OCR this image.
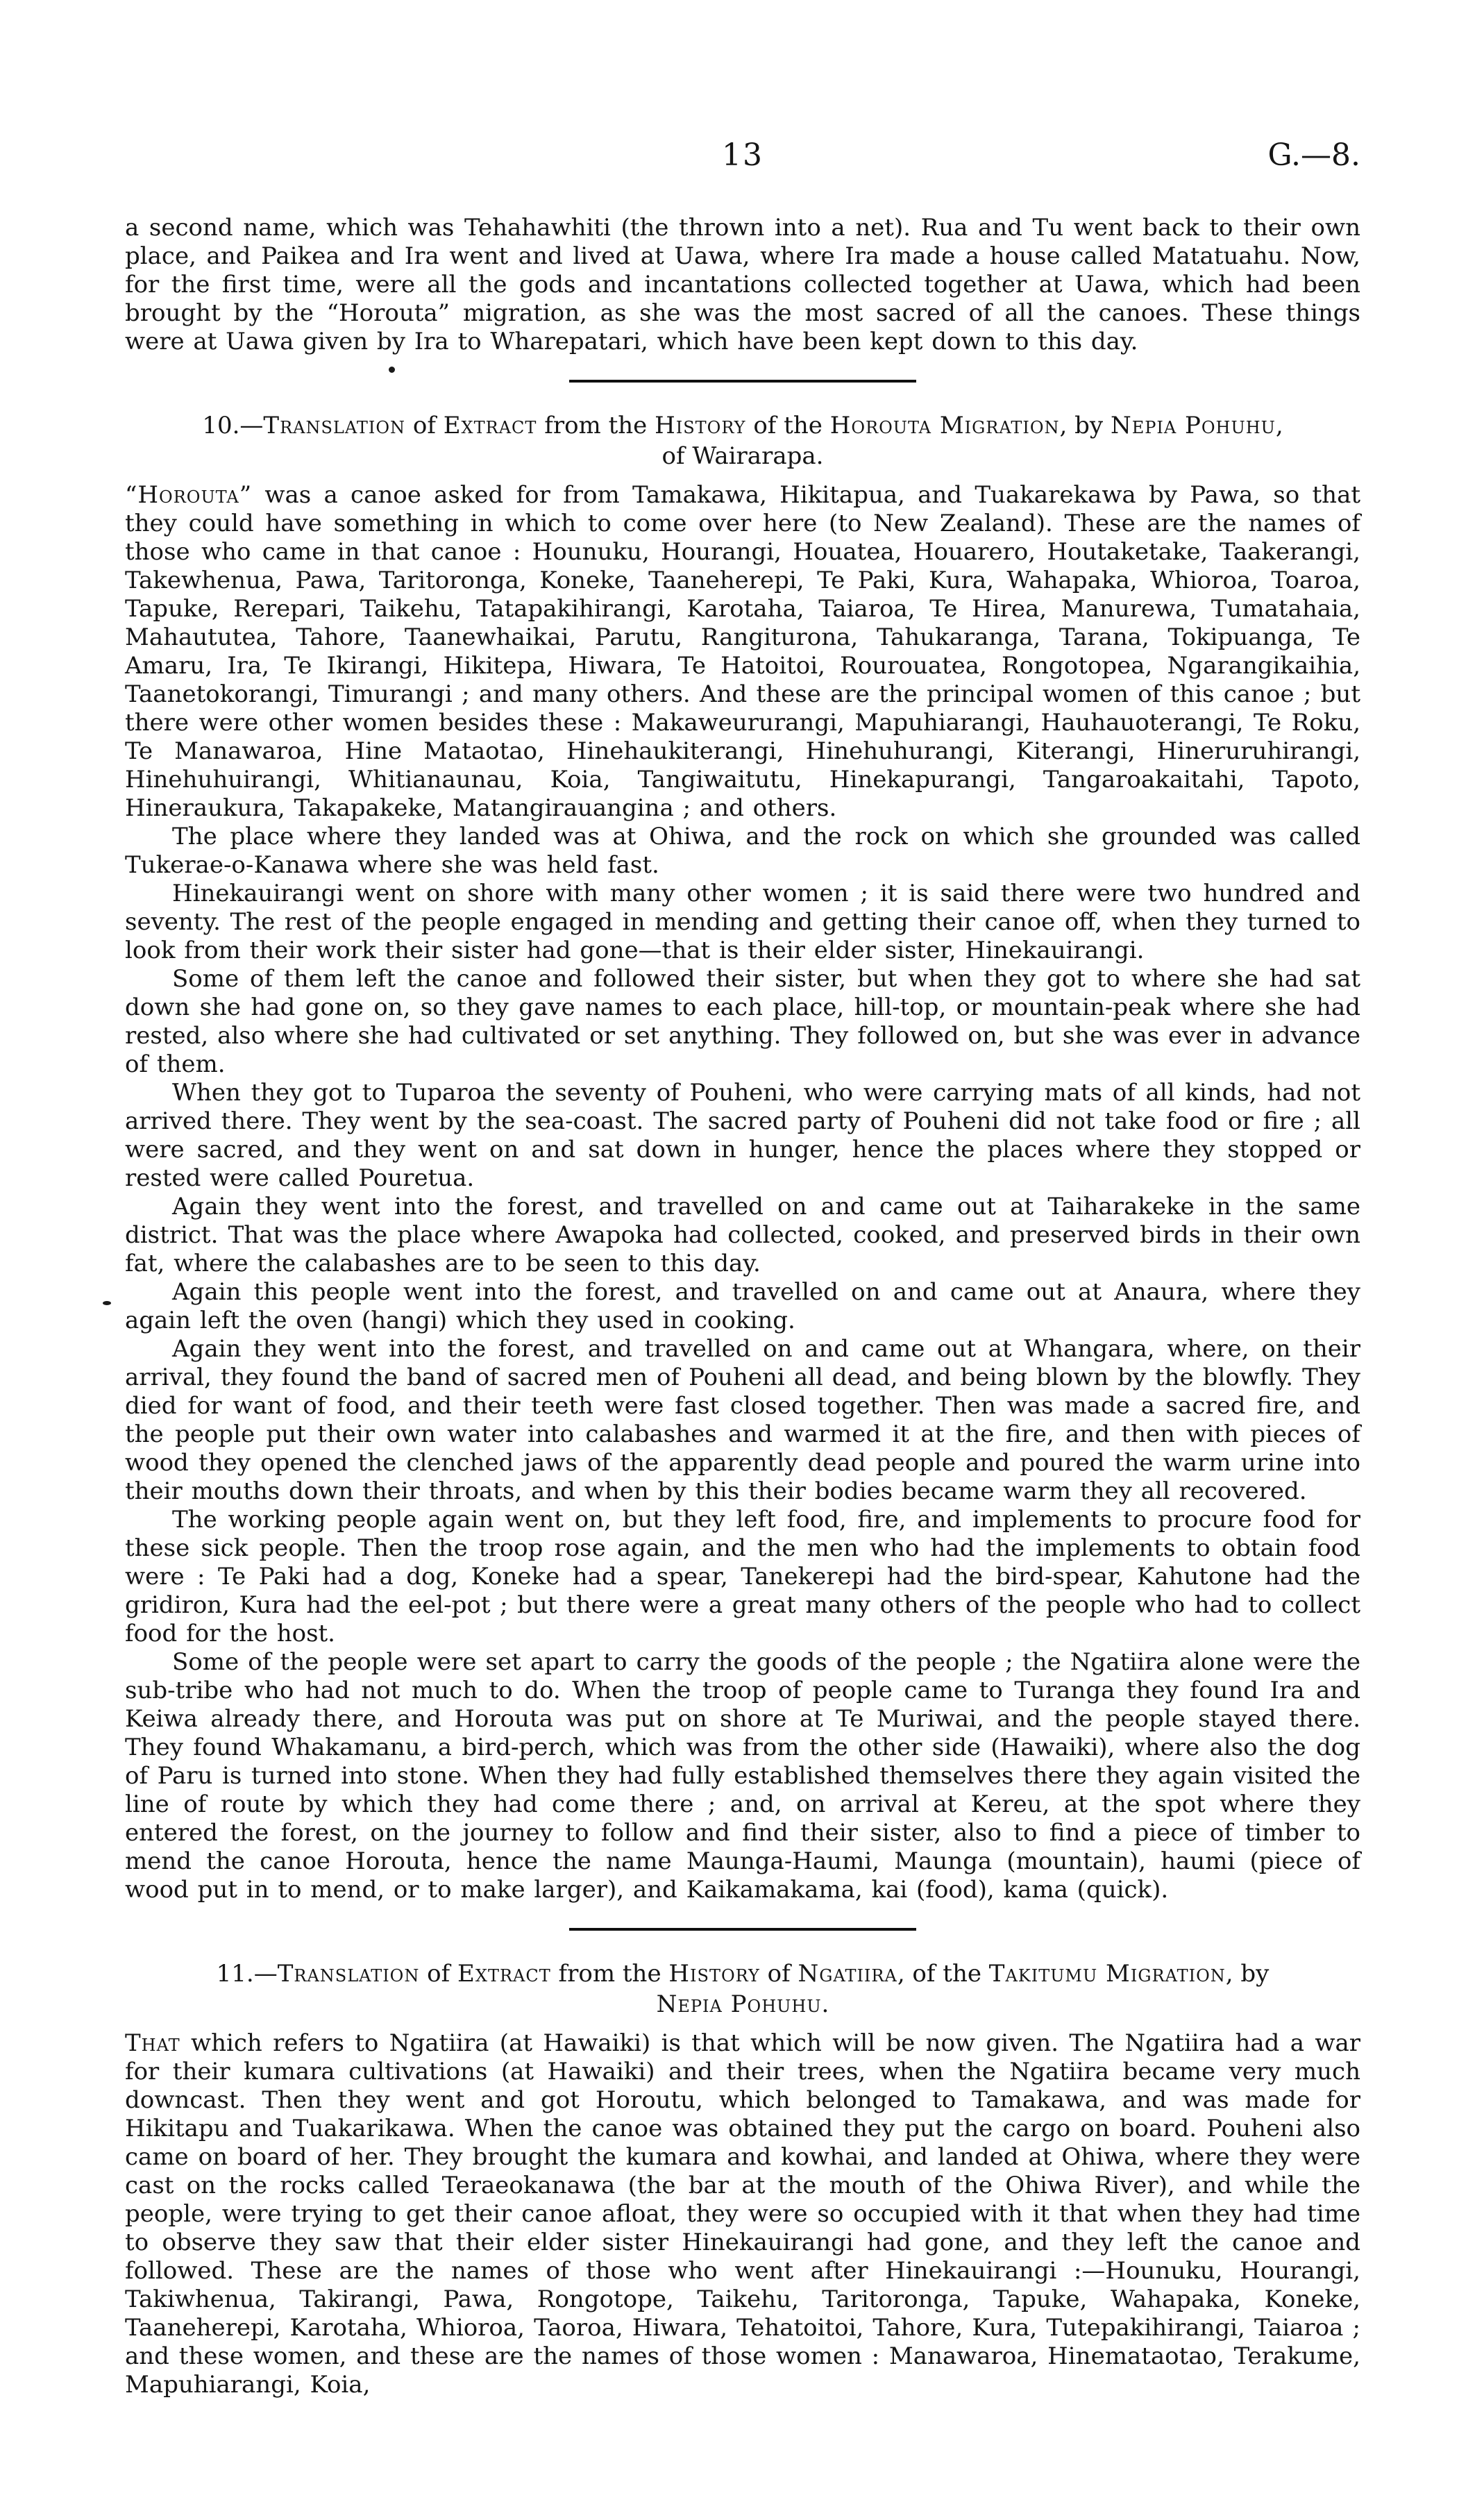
13	G.—8.

a second name, which was Tehahawhiti (the thrown into a net). Rua and Tu went back to their own place, and Paikea and Ira went and lived at Uawa, where Ira made a house called Matatuahu. Now, for the first time, were all the gods and incantations collected together at Uawa, which had been brought by the “Horouta” migration, as she was the most sacred of all the canoes. These things were at Uawa given by Ira to Wharepatari, which have been kept down to this day.

10.—Translation of Extract from the History of the Horouta Migration, by Nepia Pohuhu, of Wairarapa.

“Horouta” was a canoe asked for from Tamakawa, Hikitapua, and Tuakarekawa by Pawa, so that they could have something in which to come over here (to New Zealand). These are the names of those who came in that canoe : Hounuku, Hourangi, Houatea, Houarero, Houtaketake, Taakerangi, Takewhenua, Pawa, Taritoronga, Koneke, Taaneherepi, Te Paki, Kura, Wahapaka, Whioroa, Toaroa, Tapuke, Rerepari, Taikehu, Tatapakihirangi, Karotaha, Taiaroa, Te Hirea, Manurewa, Tumatahaia, Mahaututea, Tahore, Taanewhaikai, Parutu, Rangiturona, Tahukaranga, Tarana, Tokipuanga, Te Amaru, Ira, Te Ikirangi, Hikitepa, Hiwara, Te Hatoitoi, Rourouatea, Rongotopea, Ngarangikaihia, Taanetokorangi, Timurangi ; and many others. And these are the principal women of this canoe ; but there were other women besides these : Makaweururangi, Mapuhiarangi, Hauhauoterangi, Te Roku, Te Manawaroa, Hine Mataotao, Hinehaukiterangi, Hinehuhurangi, Kiterangi, Hineruruhirangi, Hinehuhuirangi, Whitianaunau, Koia, Tangiwaitutu, Hinekapurangi, Tangaroakaitahi, Tapoto, Hineraukura, Takapakeke, Matangirauangina ; and others.

The place where they landed was at Ohiwa, and the rock on which she grounded was called Tukerae-o-Kanawa where she was held fast.

Hinekauirangi went on shore with many other women ; it is said there were two hundred and seventy. The rest of the people engaged in mending and getting their canoe off, when they turned to look from their work their sister had gone—that is their elder sister, Hinekauirangi.

Some of them left the canoe and followed their sister, but when they got to where she had sat down she had gone on, so they gave names to each place, hill-top, or mountain-peak where she had rested, also where she had cultivated or set anything. They followed on, but she was ever in advance of them.

When they got to Tuparoa the seventy of Pouheni, who were carrying mats of all kinds, had not arrived there. They went by the sea-coast. The sacred party of Pouheni did not take food or fire ; all were sacred, and they went on and sat down in hunger, hence the places where they stopped or rested were called Pouretua.

Again they went into the forest, and travelled on and came out at Taiharakeke in the same district. That was the place where Awapoka had collected, cooked, and preserved birds in their own fat, where the calabashes are to be seen to this day.

Again this people went into the forest, and travelled on and came out at Anaura, where they again left the oven (hangi) which they used in cooking.

Again they went into the forest, and travelled on and came out at Whangara, where, on their arrival, they found the band of sacred men of Pouheni all dead, and being blown by the blowfly. They died for want of food, and their teeth were fast closed together. Then was made a sacred fire, and the people put their own water into calabashes and warmed it at the fire, and then with pieces of wood they opened the clenched jaws of the apparently dead people and poured the warm urine into their mouths down their throats, and when by this their bodies became warm they all recovered.

The working people again went on, but they left food, fire, and implements to procure food for these sick people. Then the troop rose again, and the men who had the implements to obtain food were : Te Paki had a dog, Koneke had a spear, Tanekerepi had the bird-spear, Kahutone had the gridiron, Kura had the eel-pot ; but there were a great many others of the people who had to collect food for the host.

Some of the people were set apart to carry the goods of the people ; the Ngatiira alone were the sub-tribe who had not much to do. When the troop of people came to Turanga they found Ira and Keiwa already there, and Horouta was put on shore at Te Muriwai, and the people stayed there. They found Whakamanu, a bird-perch, which was from the other side (Hawaiki), where also the dog of Paru is turned into stone. When they had fully established themselves there they again visited the line of route by which they had come there ; and, on arrival at Kereu, at the spot where they entered the forest, on the journey to follow and find their sister, also to find a piece of timber to mend the canoe Horouta, hence the name Maunga-Haumi, Maunga (mountain), haumi (piece of wood put in to mend, or to make larger), and Kaikamakama, kai (food), kama (quick).

11.—Translation of Extract from the History of Ngatiira, of the Takitumu Migration, by Nepia Pohuhu.

That which refers to Ngatiira (at Hawaiki) is that which will be now given. The Ngatiira had a war for their kumara cultivations (at Hawaiki) and their trees, when the Ngatiira became very much downcast. Then they went and got Horoutu, which belonged to Tamakawa, and was made for Hikitapu and Tuakarikawa. When the canoe was obtained they put the cargo on board. Pouheni also came on board of her. They brought the kumara and kowhai, and landed at Ohiwa, where they were cast on the rocks called Teraeokanawa (the bar at the mouth of the Ohiwa River), and while the people, were trying to get their canoe afloat, they were so occupied with it that when they had time to observe they saw that their elder sister Hinekauirangi had gone, and they left the canoe and followed. These are the names of those who went after Hinekauirangi :—Hounuku, Hourangi, Takiwhenua, Takirangi, Pawa, Rongotope, Taikehu, Taritoronga, Tapuke, Wahapaka, Koneke, Taaneherepi, Karotaha, Whioroa, Taoroa, Hiwara, Tehatoitoi, Tahore, Kura, Tutepakihirangi, Taiaroa ; and these women, and these are the names of those women : Manawaroa, Hinemataotao, Terakume, Mapuhiarangi, Koia,
